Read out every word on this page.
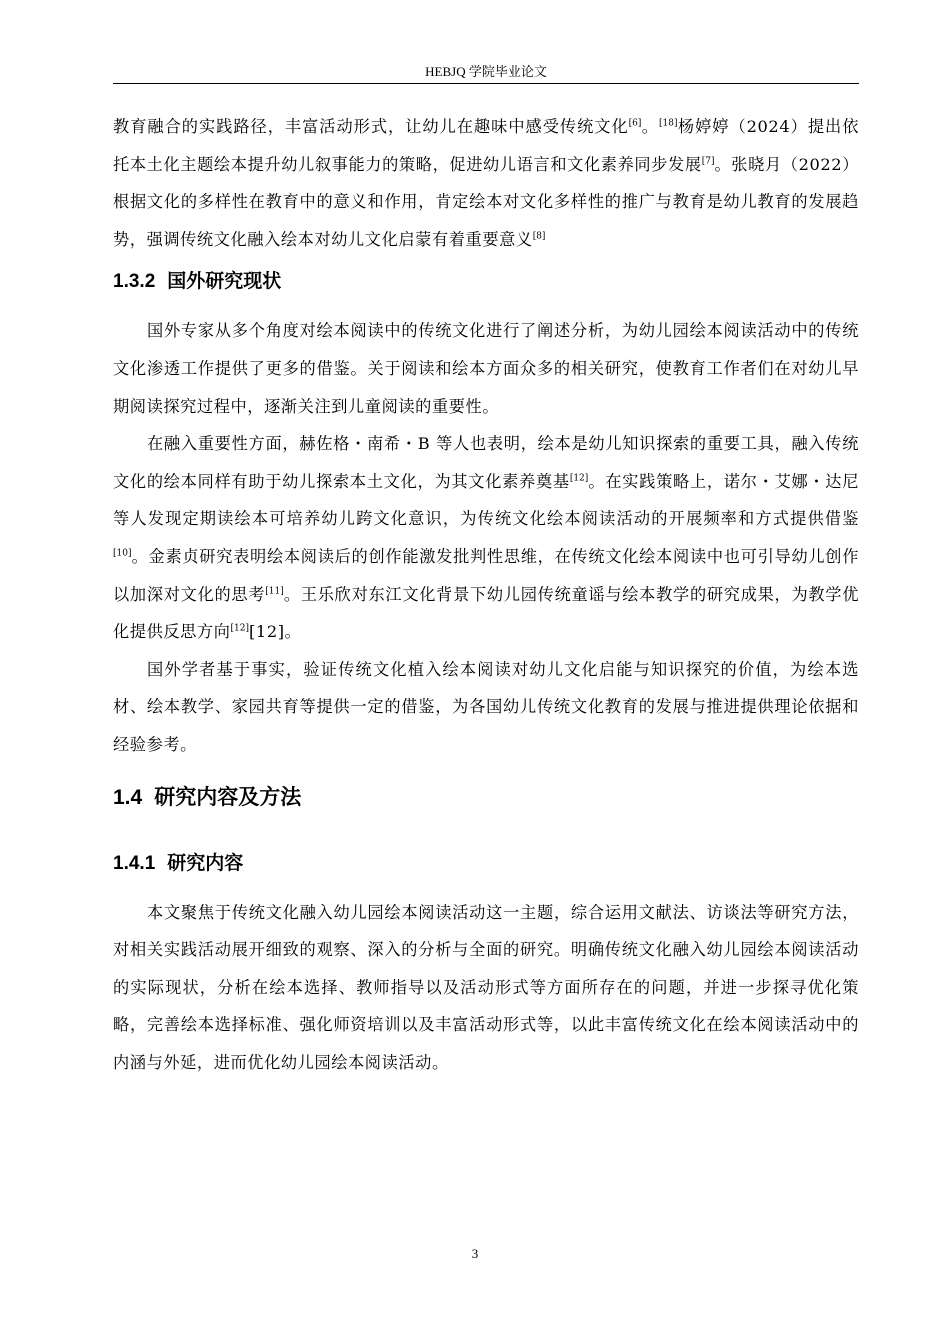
HEBJQ 学院毕业论文

教育融合的实践路径，丰富活动形式，让幼儿在趣味中感受传统文化[6]。[18]杨婷婷（2024）提出依托本土化主题绘本提升幼儿叙事能力的策略，促进幼儿语言和文化素养同步发展[7]。张晓月（2022）根据文化的多样性在教育中的意义和作用，肯定绘本对文化多样性的推广与教育是幼儿教育的发展趋势，强调传统文化融入绘本对幼儿文化启蒙有着重要意义[8]

1.3.2 国外研究现状

国外专家从多个角度对绘本阅读中的传统文化进行了阐述分析，为幼儿园绘本阅读活动中的传统文化渗透工作提供了更多的借鉴。关于阅读和绘本方面众多的相关研究，使教育工作者们在对幼儿早期阅读探究过程中，逐渐关注到儿童阅读的重要性。

在融入重要性方面，赫佐格・南希・B 等人也表明，绘本是幼儿知识探索的重要工具，融入传统文化的绘本同样有助于幼儿探索本土文化，为其文化素养奠基[12]。在实践策略上，诺尔・艾娜・达尼等人发现定期读绘本可培养幼儿跨文化意识，为传统文化绘本阅读活动的开展频率和方式提供借鉴[10]。金素贞研究表明绘本阅读后的创作能激发批判性思维，在传统文化绘本阅读中也可引导幼儿创作以加深对文化的思考[11]。王乐欣对东江文化背景下幼儿园传统童谣与绘本教学的研究成果，为教学优化提供反思方向[12][12]。

国外学者基于事实，验证传统文化植入绘本阅读对幼儿文化启能与知识探究的价值，为绘本选材、绘本教学、家园共育等提供一定的借鉴，为各国幼儿传统文化教育的发展与推进提供理论依据和经验参考。

1.4 研究内容及方法
1.4.1 研究内容

本文聚焦于传统文化融入幼儿园绘本阅读活动这一主题，综合运用文献法、访谈法等研究方法，对相关实践活动展开细致的观察、深入的分析与全面的研究。明确传统文化融入幼儿园绘本阅读活动的实际现状，分析在绘本选择、教师指导以及活动形式等方面所存在的问题，并进一步探寻优化策略，完善绘本选择标准、强化师资培训以及丰富活动形式等，以此丰富传统文化在绘本阅读活动中的内涵与外延，进而优化幼儿园绘本阅读活动。

3
